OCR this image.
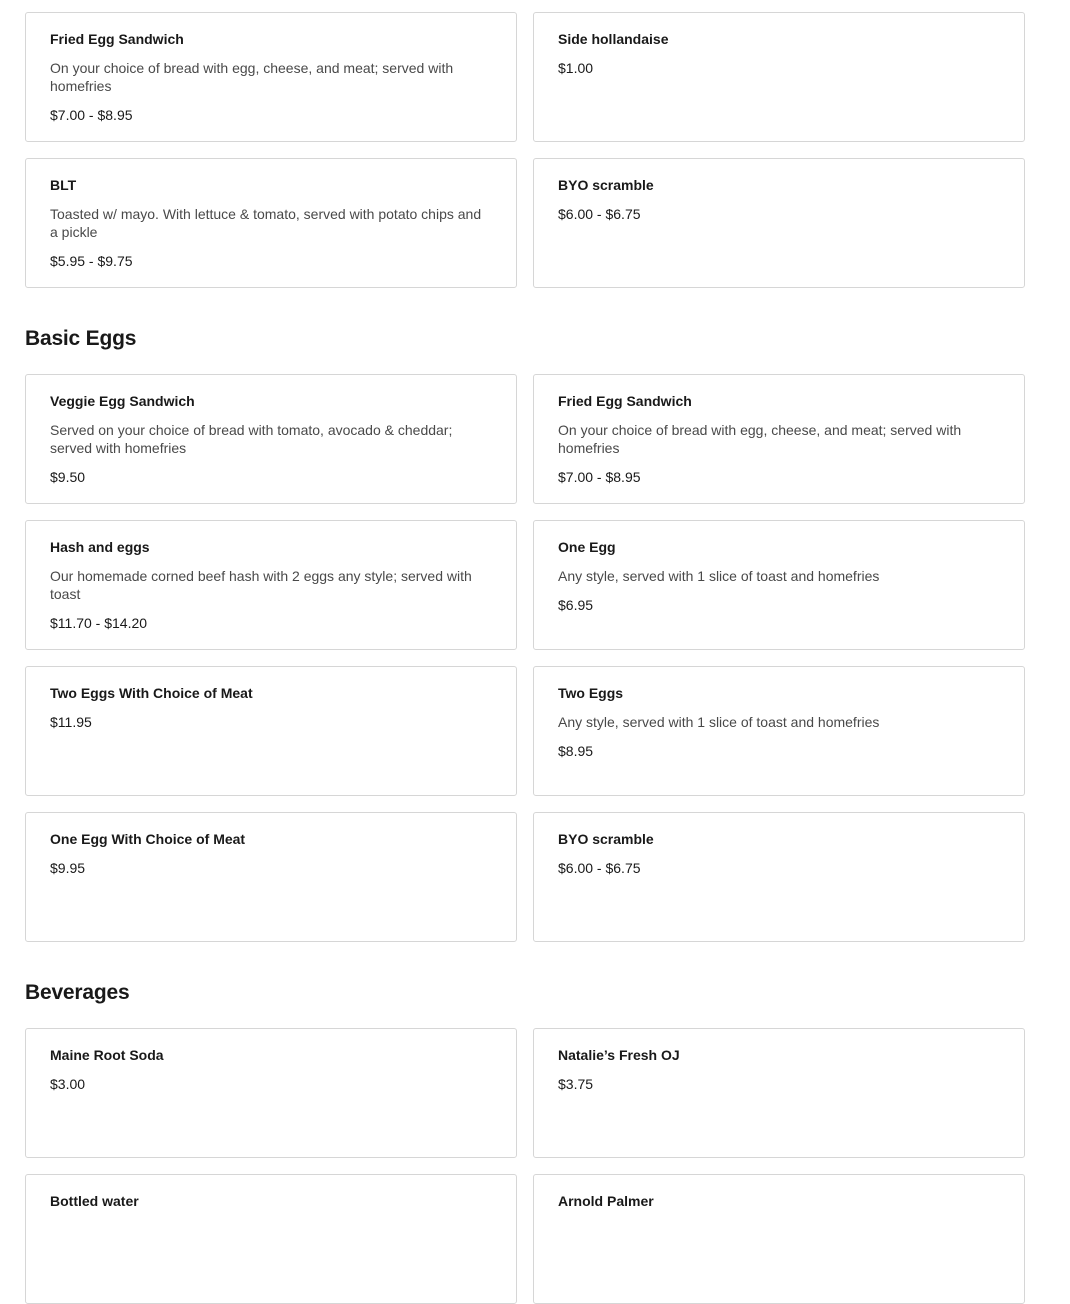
Fried Egg Sandwich
On your choice of bread with egg, cheese, and meat; served with homefries
$7.00 - $8.95
Side hollandaise
$1.00
BLT
Toasted w/ mayo. With lettuce & tomato, served with potato chips and a pickle
$5.95 - $9.75
BYO scramble
$6.00 - $6.75
Basic Eggs
Veggie Egg Sandwich
Served on your choice of bread with tomato, avocado & cheddar; served with homefries
$9.50
Fried Egg Sandwich
On your choice of bread with egg, cheese, and meat; served with homefries
$7.00 - $8.95
Hash and eggs
Our homemade corned beef hash with 2 eggs any style; served with toast
$11.70 - $14.20
One Egg
Any style, served with 1 slice of toast and homefries
$6.95
Two Eggs With Choice of Meat
$11.95
Two Eggs
Any style, served with 1 slice of toast and homefries
$8.95
One Egg With Choice of Meat
$9.95
BYO scramble
$6.00 - $6.75
Beverages
Maine Root Soda
$3.00
Natalie’s Fresh OJ
$3.75
Bottled water	Arnold Palmer
